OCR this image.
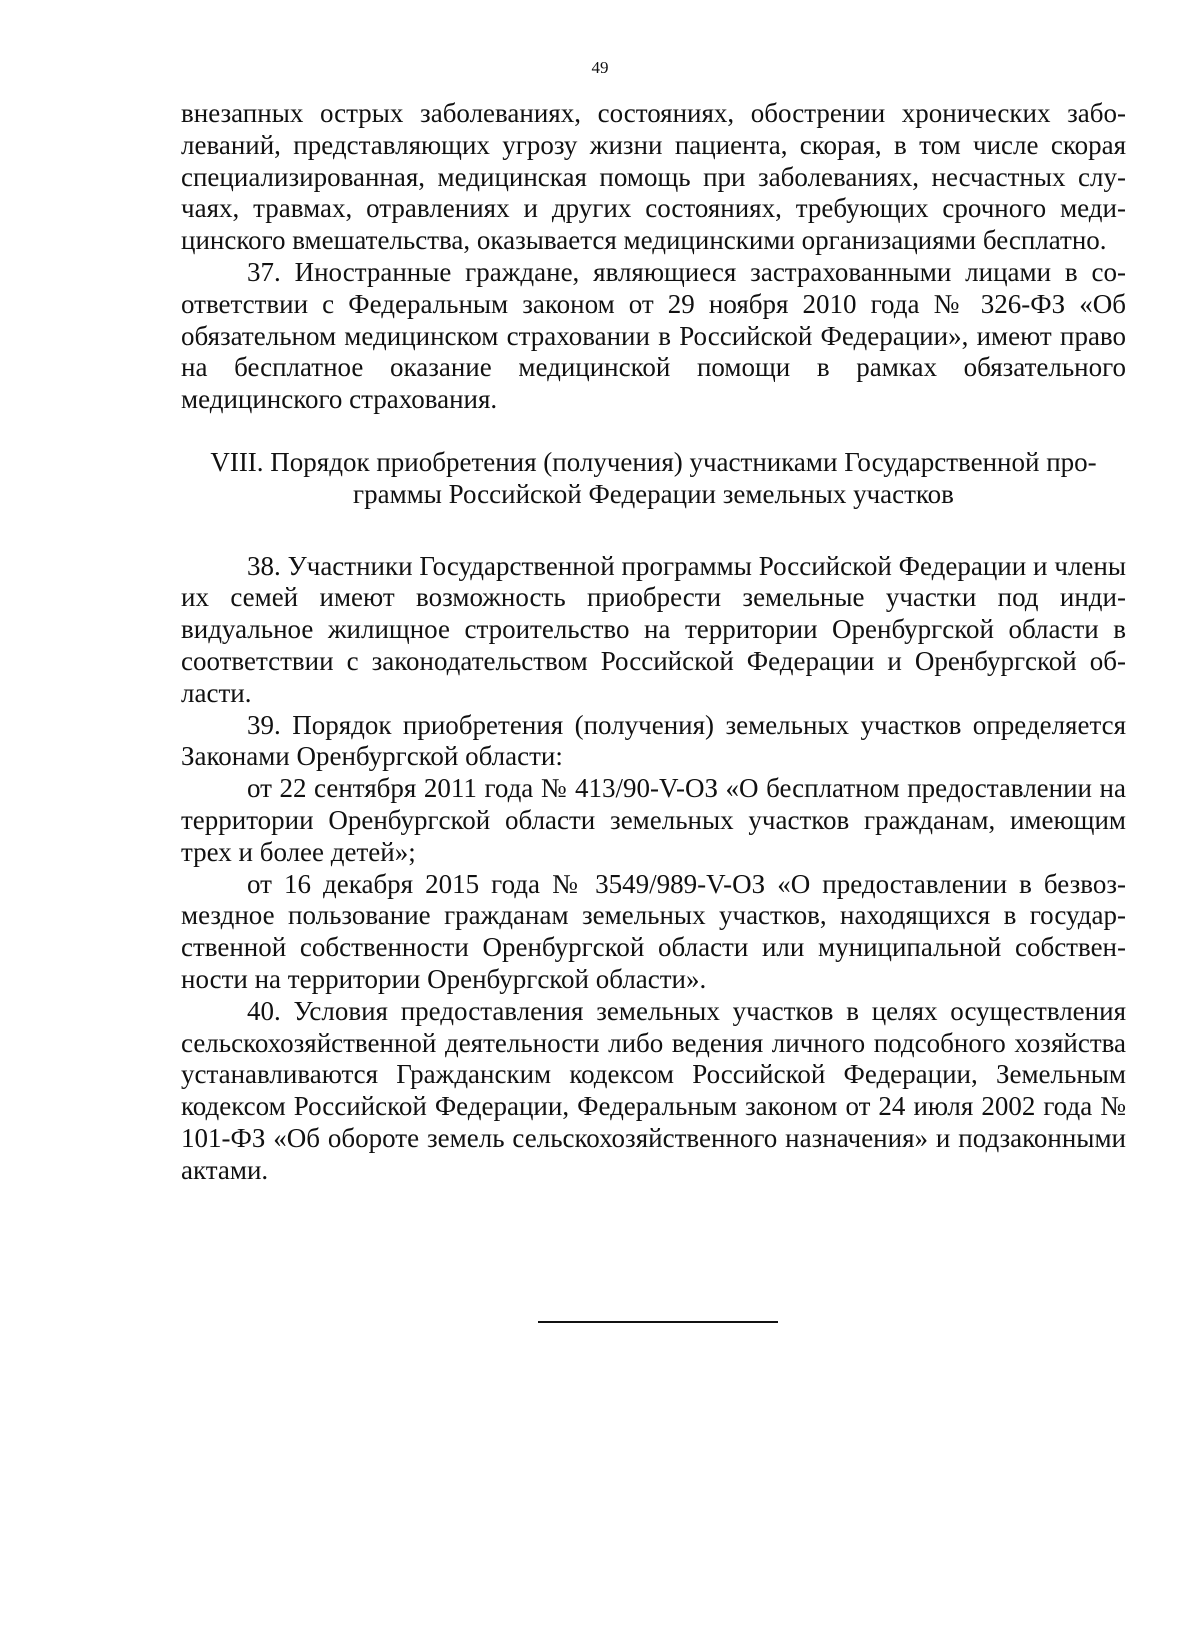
49

внезапных острых заболеваниях, состояниях, обострении хронических заболеваний, представляющих угрозу жизни пациента, скорая, в том числе скорая специализированная, медицинская помощь при заболеваниях, несчастных случаях, травмах, отравлениях и других состояниях, требующих срочного медицинского вмешательства, оказывается медицинскими организациями бесплатно.

37. Иностранные граждане, являющиеся застрахованными лицами в соответствии с Федеральным законом от 29 ноября 2010 года № 326-ФЗ «Об обязательном медицинском страховании в Российской Федерации», имеют право на бесплатное оказание медицинской помощи в рамках обязательного медицинского страхования.

VIII. Порядок приобретения (получения) участниками Государственной про-
граммы Российской Федерации земельных участков

38. Участники Государственной программы Российской Федерации и члены их семей имеют возможность приобрести земельные участки под индивидуальное жилищное строительство на территории Оренбургской области в соответствии с законодательством Российской Федерации и Оренбургской области.

39. Порядок приобретения (получения) земельных участков определяется Законами Оренбургской области:

от 22 сентября 2011 года № 413/90-V-ОЗ «О бесплатном предоставлении на территории Оренбургской области земельных участков гражданам, имеющим трех и более детей»;

от 16 декабря 2015 года № 3549/989-V-ОЗ «О предоставлении в безвозмездное пользование гражданам земельных участков, находящихся в государственной собственности Оренбургской области или муниципальной собственности на территории Оренбургской области».

40. Условия предоставления земельных участков в целях осуществления сельскохозяйственной деятельности либо ведения личного подсобного хозяйства устанавливаются Гражданским кодексом Российской Федерации, Земельным кодексом Российской Федерации, Федеральным законом от 24 июля 2002 года № 101-ФЗ «Об обороте земель сельскохозяйственного назначения» и подзаконными актами.
